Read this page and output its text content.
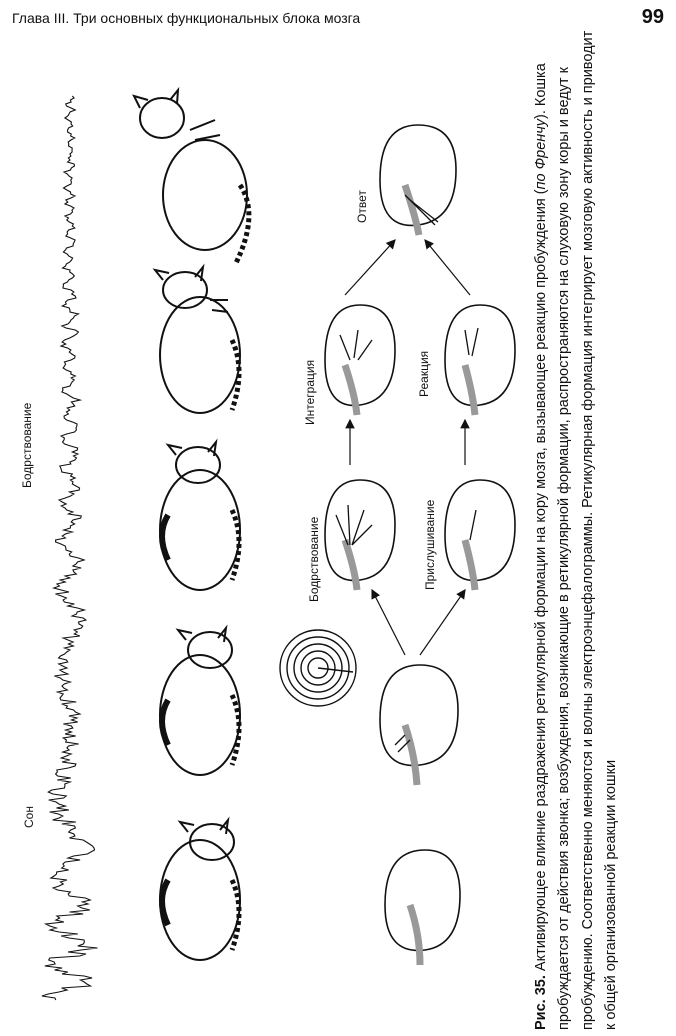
Глава III. Три основных функциональных блока мозга	99
Сон
Бодрствование
Бодрствование
Интеграция
Ответ
Прислушивание
Реакция
Рис. 35. Активирующее влияние раздражения ретикулярной формации на кору мозга, вызывающее реакцию пробуждения (по Френчу). Кошка пробуждается от действия звонка; возбуждения, возникающие в ретикулярной формации, распространяются на слуховую зону коры и ведут к пробуждению. Соответственно меняются и волны электроэнцефалограммы. Ретикулярная формация интегрирует мозговую активность и приводит к общей организованной реакции кошки
